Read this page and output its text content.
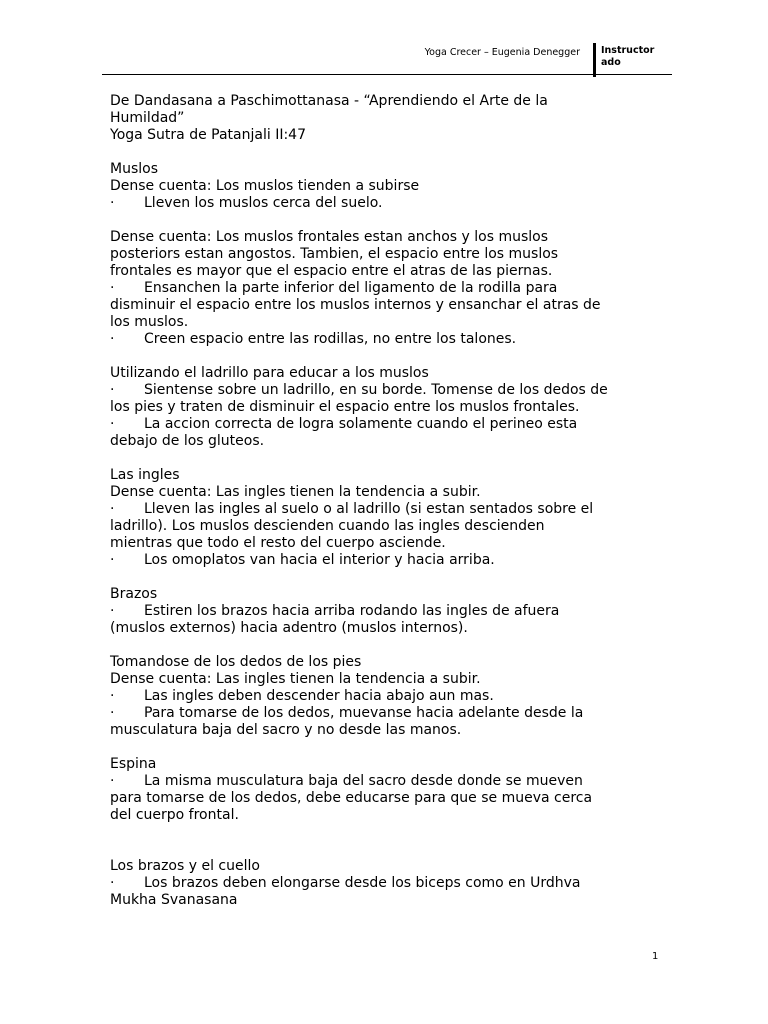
Yoga Crecer – Eugenia Denegger Instructor
ado

De Dandasana a Paschimottanasa - “Aprendiendo el Arte de la

Humildad”

Yoga Sutra de Patanjali II:47

Muslos

Dense cuenta: Los muslos tienden a subirse

· Lleven los muslos cerca del suelo.

Dense cuenta: Los muslos frontales estan anchos y los muslos

posteriors estan angostos. Tambien, el espacio entre los muslos

frontales es mayor que el espacio entre el atras de las piernas.

· Ensanchen la parte inferior del ligamento de la rodilla para

disminuir el espacio entre los muslos internos y ensanchar el atras de

los muslos.

· Creen espacio entre las rodillas, no entre los talones.

Utilizando el ladrillo para educar a los muslos

· Sientense sobre un ladrillo, en su borde. Tomense de los dedos de

los pies y traten de disminuir el espacio entre los muslos frontales.

· La accion correcta de logra solamente cuando el perineo esta

debajo de los gluteos.

Las ingles

Dense cuenta: Las ingles tienen la tendencia a subir.

· Lleven las ingles al suelo o al ladrillo (si estan sentados sobre el

ladrillo). Los muslos descienden cuando las ingles descienden

mientras que todo el resto del cuerpo asciende.

· Los omoplatos van hacia el interior y hacia arriba.

Brazos

· Estiren los brazos hacia arriba rodando las ingles de afuera

(muslos externos) hacia adentro (muslos internos).

Tomandose de los dedos de los pies

Dense cuenta: Las ingles tienen la tendencia a subir.

· Las ingles deben descender hacia abajo aun mas.

· Para tomarse de los dedos, muevanse hacia adelante desde la

musculatura baja del sacro y no desde las manos.

Espina

· La misma musculatura baja del sacro desde donde se mueven

para tomarse de los dedos, debe educarse para que se mueva cerca

del cuerpo frontal.

Los brazos y el cuello

· Los brazos deben elongarse desde los biceps como en Urdhva

Mukha Svanasana

1
